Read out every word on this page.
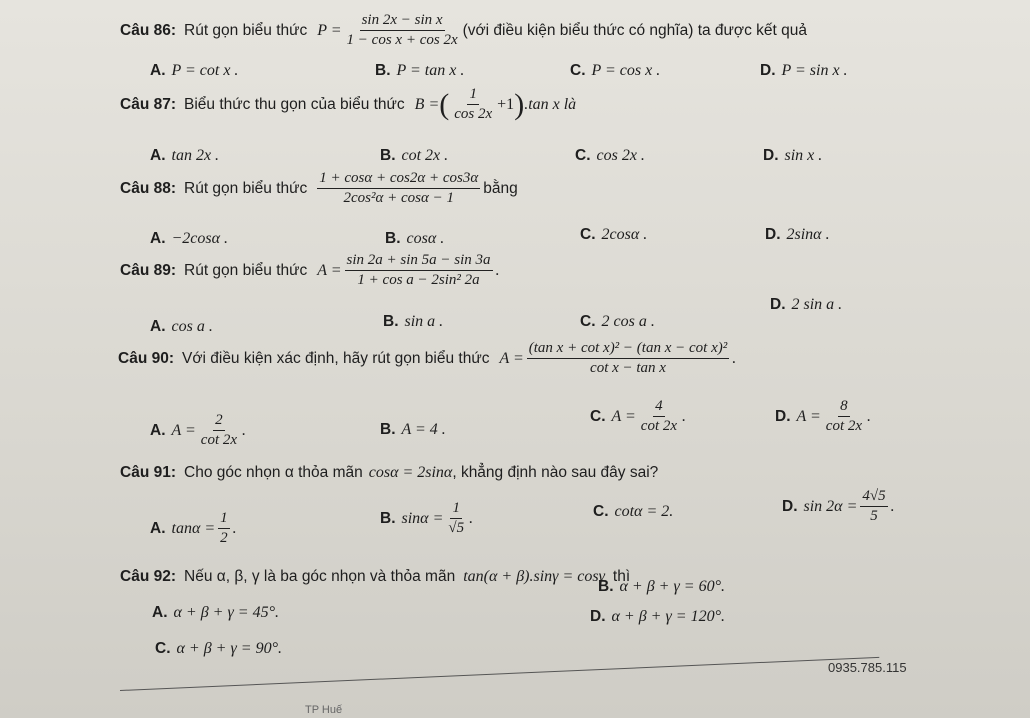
Câu 86: Rút gọn biểu thức $P = \frac{\text{sin 2x − sin x}}{\text{1 − cos x + cos 2x}}$ (với điều kiện biểu thức có nghĩa) ta được kết quả
A. P = cot x .	B. P = tan x .	C. P = cos x .	D. P = sin x .
Câu 87: Biểu thức thu gọn của biểu thức B = ( $\frac{1}{\cos 2x} +1$ ) .tan x là
A. tan 2x .	B. cot 2x .	C. cos 2x .	D. sin x .
Câu 88: Rút gọn biểu thức $\frac{1 + \cos\alpha + \cos 2\alpha + \cos 3\alpha}{\text{2cos²α + cosα − 1}}$ bằng
A. −2cosα .	B. cosα .	C. 2cosα .	D. 2sinα .
Câu 89: Rút gọn biểu thức $A = \frac{\sin 2a + \sin 5a - \sin 3a}{\text{1 + cos a − 2sin² 2a}}$ .
A. cos a .	B. sin a .	C. 2 cos a .
D. 2 sin a .
Câu 90: Với điều kiện xác định, hãy rút gọn biểu thức $A = \frac{\text{(tan x + cot x)² − (tan x − cot x)²}}{\text{cot x − tan x}}$ .
A. $A = \frac{2}{\cot 2x}$ .	B. A = 4 .
C. $A = \frac{4}{\cot 2x}$ .	D. $A = \frac{8}{\cot 2x}$ .
Câu 91: Cho góc nhọn α thỏa mãn cosα = 2sinα , khẳng định nào sau đây sai?
A. $\tan\alpha = \frac{1}{2}$ .
B. $\sin\alpha = \frac{1}{√5}$ .	C. cotα = 2.	D. $\sin 2\alpha = \frac{4√5}{5}$ .
Câu 92: Nếu α, β, γ là ba góc nhọn và thỏa mãn tan(α + β).sinγ = cosγ thì
A. α + β + γ = 45°.
B. α + β + γ = 60°.
C. α + β + γ = 90°.
D. α + β + γ = 120°.
0935.785.115
TP Huế
